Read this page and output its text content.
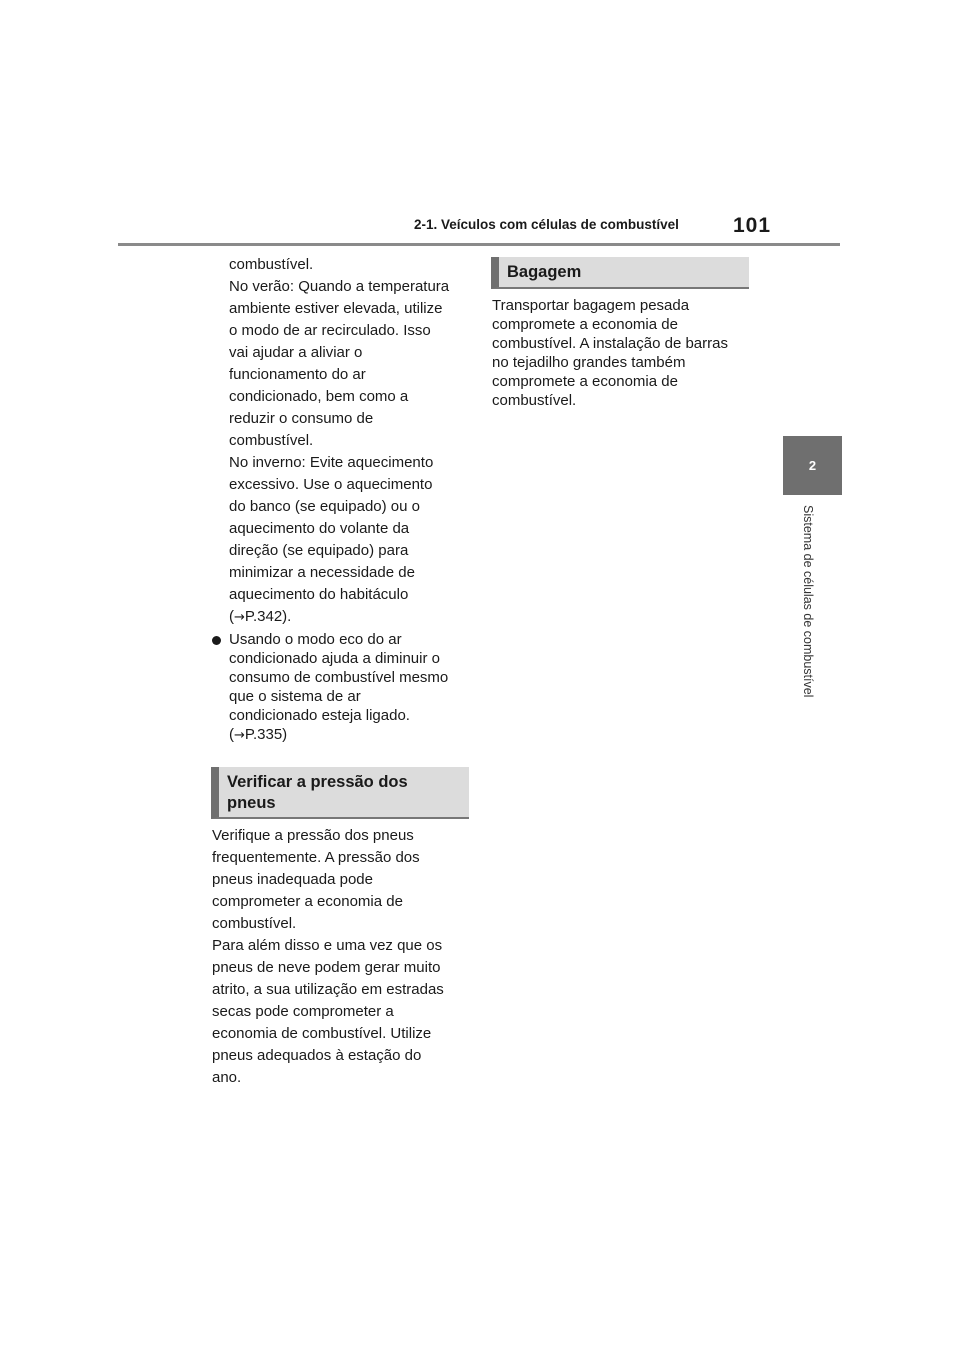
2-1. Veículos com células de combustível	101
2
Sistema de células de combustível

combustível.

No verão: Quando a temperatura

ambiente estiver elevada, utilize

o modo de ar recirculado. Isso

vai ajudar a aliviar o

funcionamento do ar

condicionado, bem como a

reduzir o consumo de

combustível.

No inverno: Evite aquecimento

excessivo. Use o aquecimento

do banco (se equipado) ou o

aquecimento do volante da

direção (se equipado) para

minimizar a necessidade de

aquecimento do habitáculo

(→P.342).

Usando o modo eco do ar

condicionado ajuda a diminuir o

consumo de combustível mesmo

que o sistema de ar

condicionado esteja ligado.

(→P.335)

Verificar a pressão dos
pneus

Verifique a pressão dos pneus

frequentemente. A pressão dos

pneus inadequada pode

comprometer a economia de

combustível.

Para além disso e uma vez que os

pneus de neve podem gerar muito

atrito, a sua utilização em estradas

secas pode comprometer a

economia de combustível. Utilize

pneus adequados à estação do

ano.

Bagagem

Transportar bagagem pesada

compromete a economia de

combustível. A instalação de barras

no tejadilho grandes também

compromete a economia de

combustível.
